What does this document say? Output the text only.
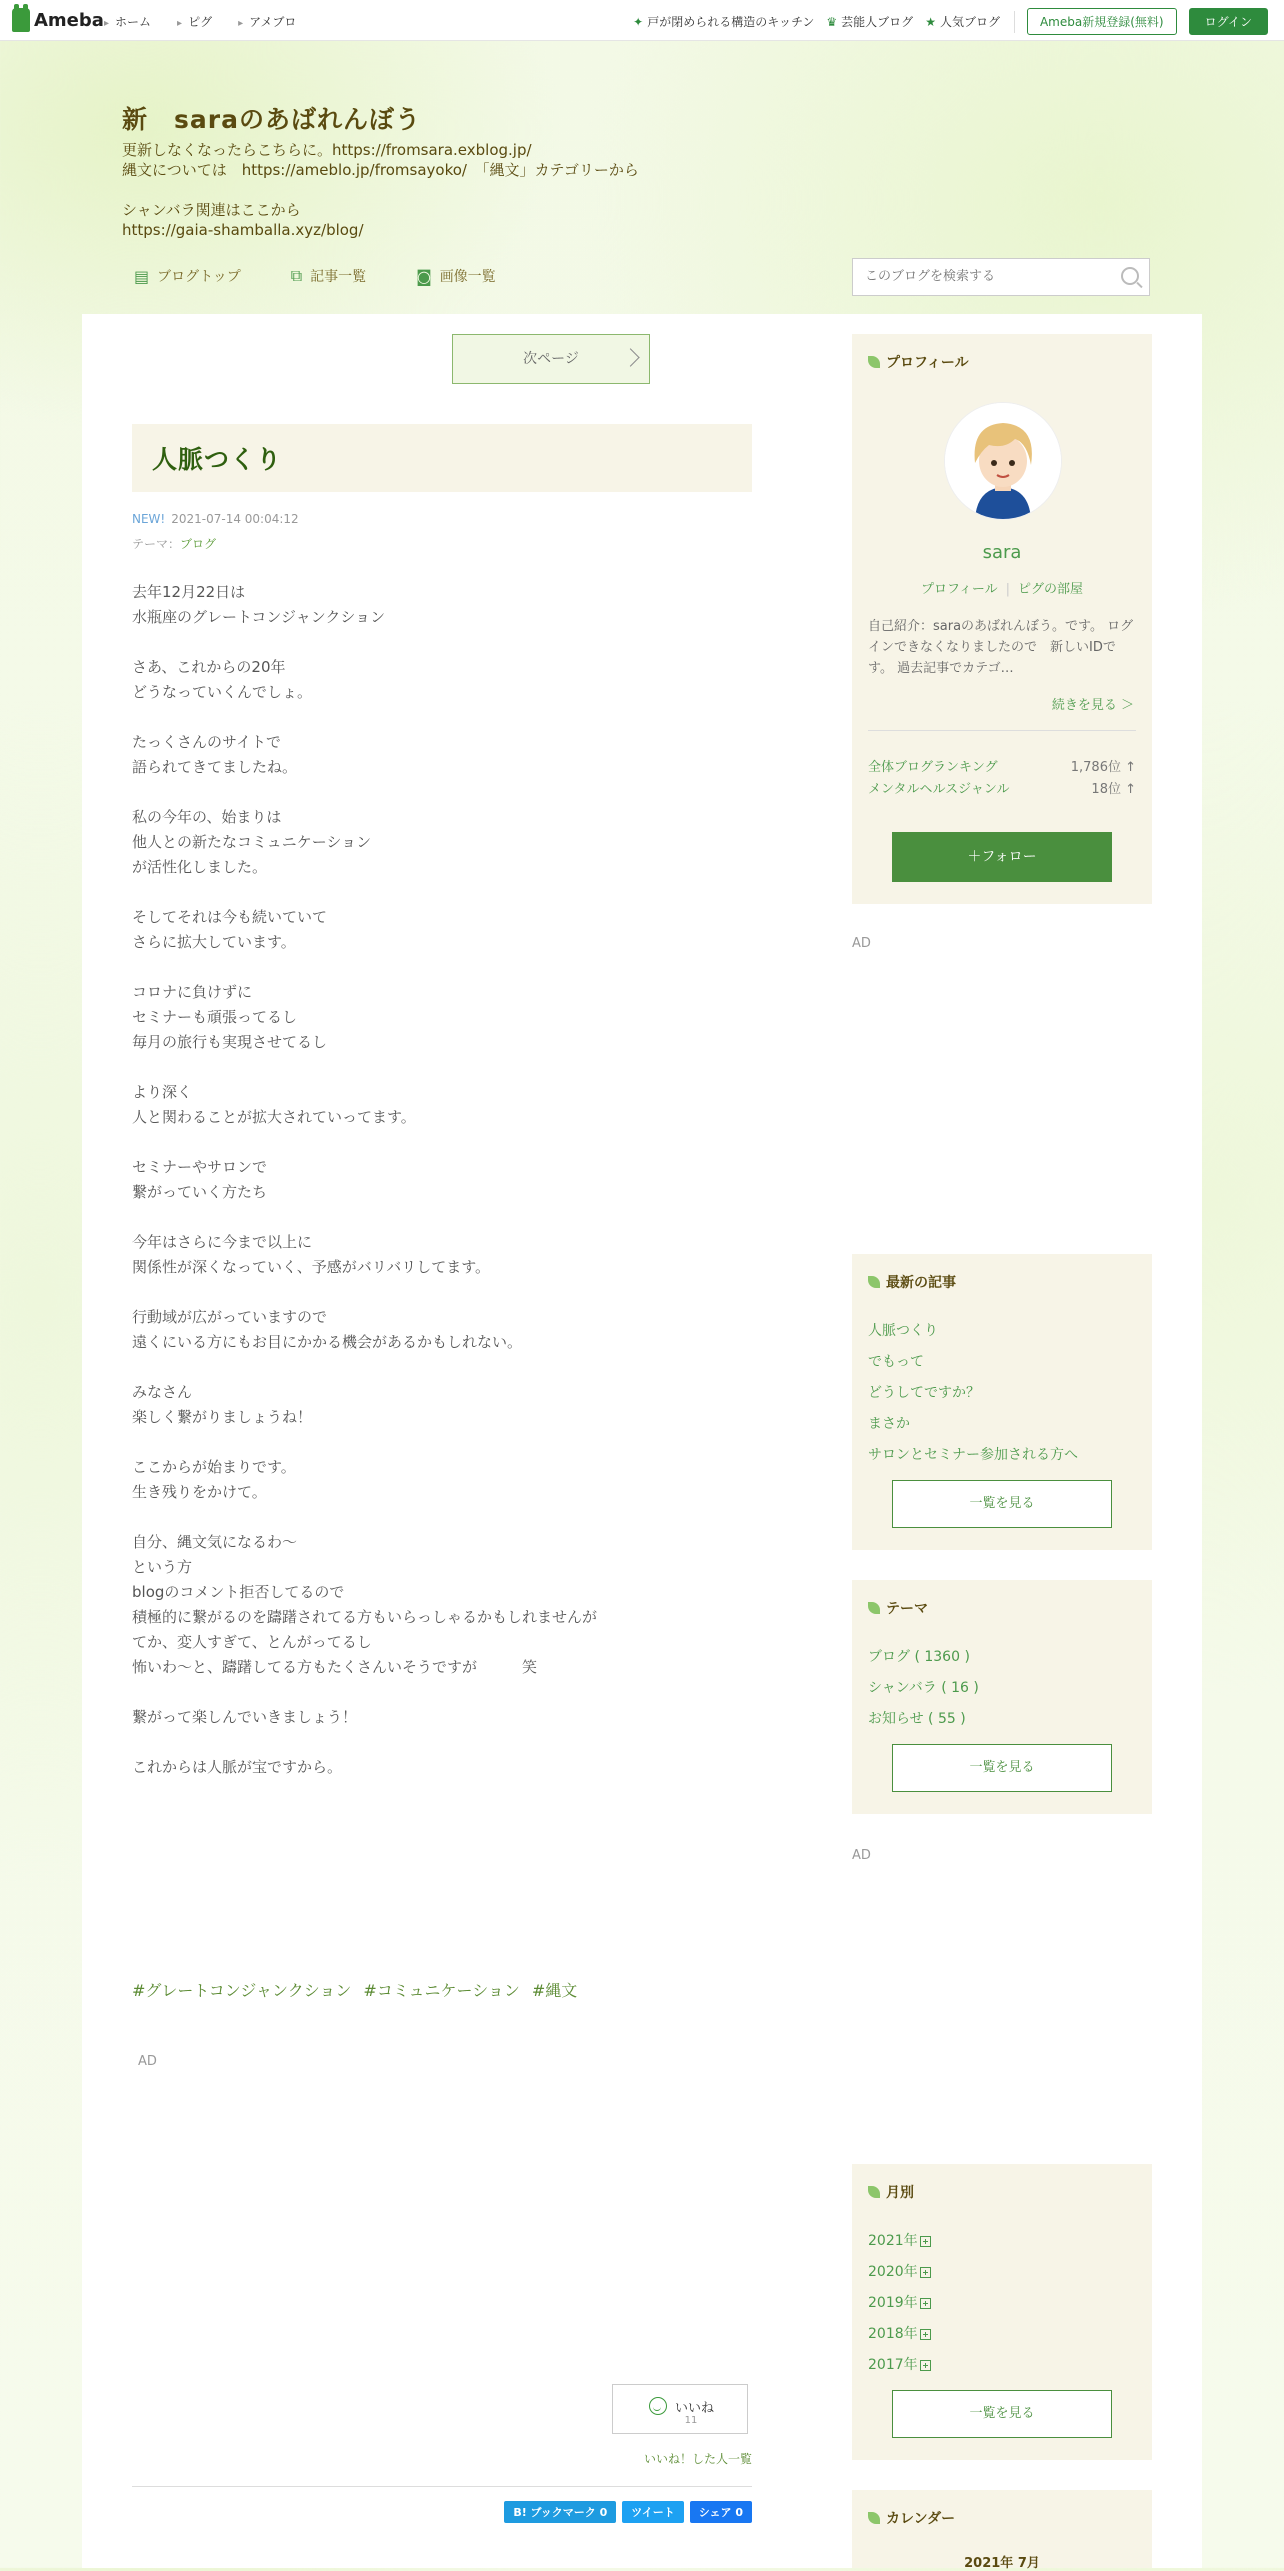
Ameba ▸ ホーム	▸ ピグ	▸ アメブロ	✦ 戸が閉められる構造のキッチン ♛ 芸能人ブログ ★ 人気ブログ	Ameba新規登録(無料)	ログイン
新　saraのあばれんぼう
更新しなくなったらこちらに。https://fromsara.exblog.jp/
縄文については　https://ameblo.jp/fromsayoko/　「縄文」カテゴリーから

シャンバラ関連はここから
https://gaia-shamballa.xyz/blog/
▤ ブログトップ	⧉ 記事一覧	◙ 画像一覧
このブログを検索する
次ページ
人脈つくり
NEW! 2021-07-14 00:04:12
テーマ：ブログ

去年12月22日は
水瓶座のグレートコンジャンクション

さあ、これからの20年
どうなっていくんでしょ。

たっくさんのサイトで
語られてきてましたね。

私の今年の、始まりは
他人との新たなコミュニケーション
が活性化しました。

そしてそれは今も続いていて
さらに拡大しています。

コロナに負けずに
セミナーも頑張ってるし
毎月の旅行も実現させてるし

より深く
人と関わることが拡大されていってます。

セミナーやサロンで
繋がっていく方たち

今年はさらに今まで以上に
関係性が深くなっていく、予感がバリバリしてます。

行動域が広がっていますので
遠くにいる方にもお目にかかる機会があるかもしれない。

みなさん
楽しく繋がりましょうね！

ここからが始まりです。
生き残りをかけて。

自分、縄文気になるわ～
という方
blogのコメント拒否してるので
積極的に繋がるのを躊躇されてる方もいらっしゃるかもしれませんが
てか、変人すぎて、とんがってるし
怖いわ～と、躊躇してる方もたくさんいそうですが　　　笑

繋がって楽しんでいきましょう！

これからは人脈が宝ですから。

#グレートコンジャンクション #コミュニケーション #縄文
AD
いいね
11
いいね！した人一覧
B! ブックマーク 0	ツイート	シェア 0
プロフィール
sara
プロフィール | ピグの部屋
自己紹介：saraのあばれんぼう。です。 ログインできなくなりましたので　新しいIDです。 過去記事でカテゴ…
続きを見る ＞
全体ブログランキング	1,786位 ↑
メンタルヘルスジャンル	18位 ↑
＋フォロー
AD
最新の記事
人脈つくり
でもって
どうしてですか？
まさか
サロンとセミナー参加される方へ
一覧を見る
テーマ
ブログ ( 1360 )
シャンバラ ( 16 )
お知らせ ( 55 )
一覧を見る
AD
月別
2021年
2020年
2019年
2018年
2017年
一覧を見る
カレンダー
2021年 7月
